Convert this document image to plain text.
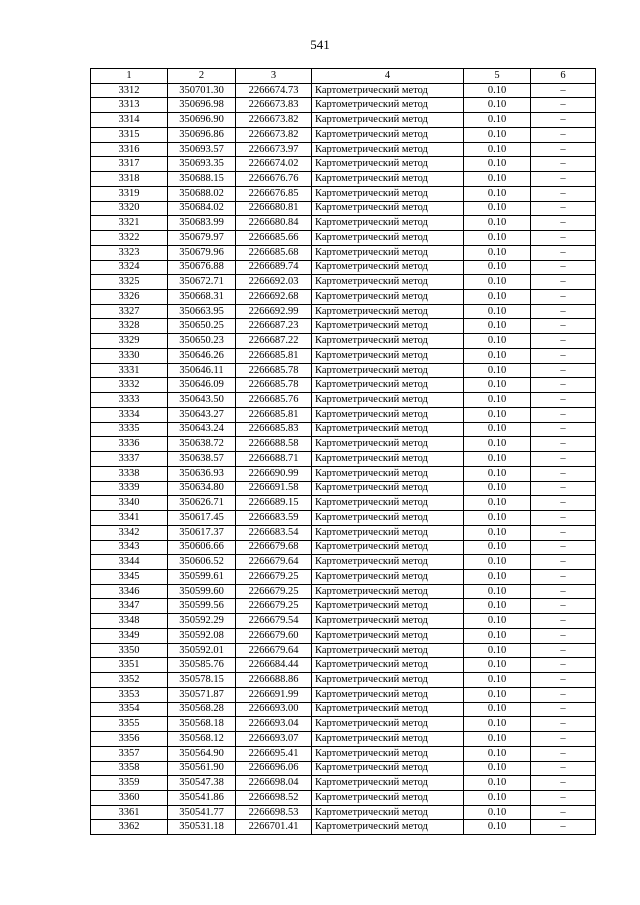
541
1	2	3	4	5	6
3312	350701.30	2266674.73	Картометрический метод	0.10	–
3313	350696.98	2266673.83	Картометрический метод	0.10	–
3314	350696.90	2266673.82	Картометрический метод	0.10	–
3315	350696.86	2266673.82	Картометрический метод	0.10	–
3316	350693.57	2266673.97	Картометрический метод	0.10	–
3317	350693.35	2266674.02	Картометрический метод	0.10	–
3318	350688.15	2266676.76	Картометрический метод	0.10	–
3319	350688.02	2266676.85	Картометрический метод	0.10	–
3320	350684.02	2266680.81	Картометрический метод	0.10	–
3321	350683.99	2266680.84	Картометрический метод	0.10	–
3322	350679.97	2266685.66	Картометрический метод	0.10	–
3323	350679.96	2266685.68	Картометрический метод	0.10	–
3324	350676.88	2266689.74	Картометрический метод	0.10	–
3325	350672.71	2266692.03	Картометрический метод	0.10	–
3326	350668.31	2266692.68	Картометрический метод	0.10	–
3327	350663.95	2266692.99	Картометрический метод	0.10	–
3328	350650.25	2266687.23	Картометрический метод	0.10	–
3329	350650.23	2266687.22	Картометрический метод	0.10	–
3330	350646.26	2266685.81	Картометрический метод	0.10	–
3331	350646.11	2266685.78	Картометрический метод	0.10	–
3332	350646.09	2266685.78	Картометрический метод	0.10	–
3333	350643.50	2266685.76	Картометрический метод	0.10	–
3334	350643.27	2266685.81	Картометрический метод	0.10	–
3335	350643.24	2266685.83	Картометрический метод	0.10	–
3336	350638.72	2266688.58	Картометрический метод	0.10	–
3337	350638.57	2266688.71	Картометрический метод	0.10	–
3338	350636.93	2266690.99	Картометрический метод	0.10	–
3339	350634.80	2266691.58	Картометрический метод	0.10	–
3340	350626.71	2266689.15	Картометрический метод	0.10	–
3341	350617.45	2266683.59	Картометрический метод	0.10	–
3342	350617.37	2266683.54	Картометрический метод	0.10	–
3343	350606.66	2266679.68	Картометрический метод	0.10	–
3344	350606.52	2266679.64	Картометрический метод	0.10	–
3345	350599.61	2266679.25	Картометрический метод	0.10	–
3346	350599.60	2266679.25	Картометрический метод	0.10	–
3347	350599.56	2266679.25	Картометрический метод	0.10	–
3348	350592.29	2266679.54	Картометрический метод	0.10	–
3349	350592.08	2266679.60	Картометрический метод	0.10	–
3350	350592.01	2266679.64	Картометрический метод	0.10	–
3351	350585.76	2266684.44	Картометрический метод	0.10	–
3352	350578.15	2266688.86	Картометрический метод	0.10	–
3353	350571.87	2266691.99	Картометрический метод	0.10	–
3354	350568.28	2266693.00	Картометрический метод	0.10	–
3355	350568.18	2266693.04	Картометрический метод	0.10	–
3356	350568.12	2266693.07	Картометрический метод	0.10	–
3357	350564.90	2266695.41	Картометрический метод	0.10	–
3358	350561.90	2266696.06	Картометрический метод	0.10	–
3359	350547.38	2266698.04	Картометрический метод	0.10	–
3360	350541.86	2266698.52	Картометрический метод	0.10	–
3361	350541.77	2266698.53	Картометрический метод	0.10	–
3362	350531.18	2266701.41	Картометрический метод	0.10	–
